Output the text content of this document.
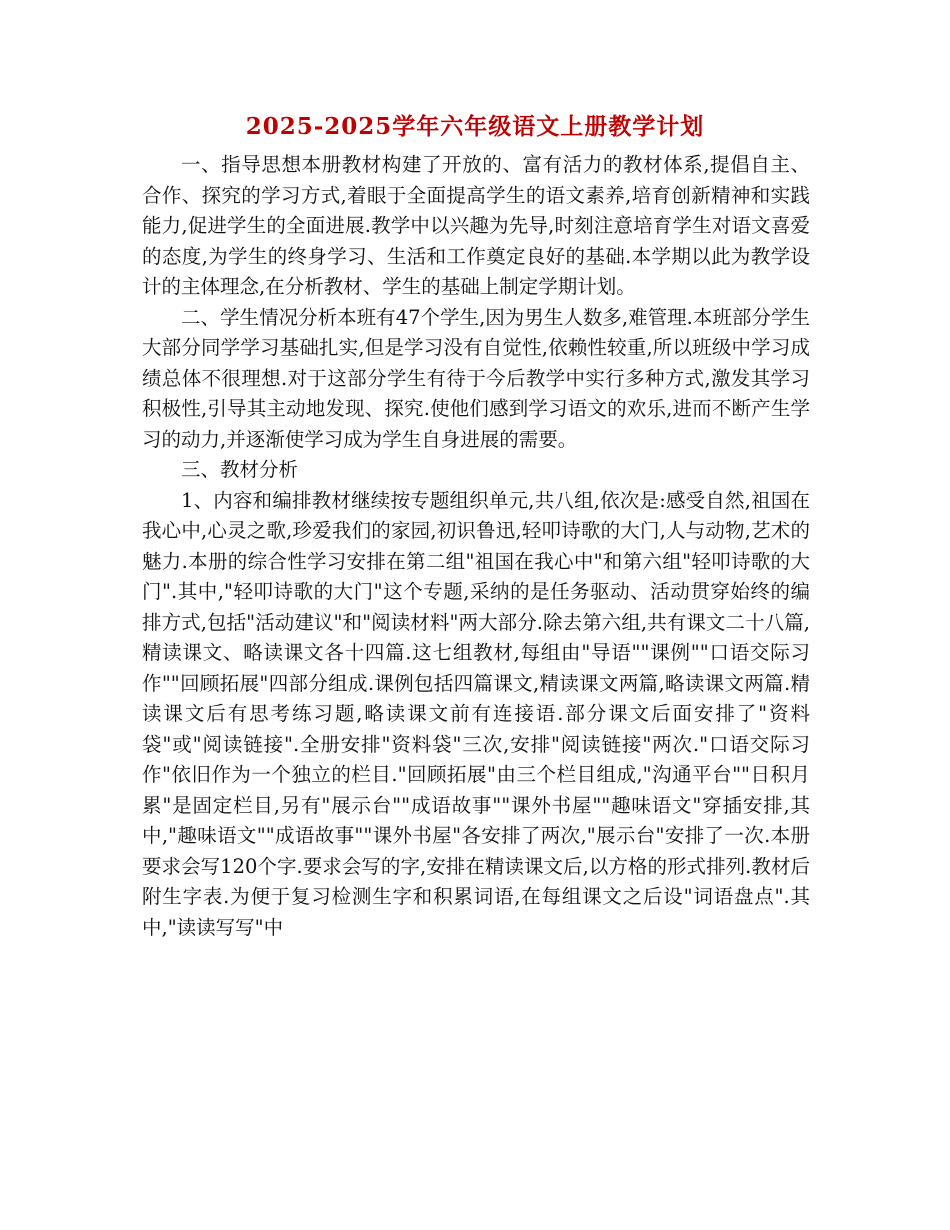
2025-2025学年六年级语文上册教学计划

一、指导思想本册教材构建了开放的、富有活力的教材体系,提倡自主、合作、探究的学习方式,着眼于全面提高学生的语文素养,培育创新精神和实践能力,促进学生的全面进展.教学中以兴趣为先导,时刻注意培育学生对语文喜爱的态度,为学生的终身学习、生活和工作奠定良好的基础.本学期以此为教学设计的主体理念,在分析教材、学生的基础上制定学期计划。

二、学生情况分析本班有47个学生,因为男生人数多,难管理.本班部分学生大部分同学学习基础扎实,但是学习没有自觉性,依赖性较重,所以班级中学习成绩总体不很理想.对于这部分学生有待于今后教学中实行多种方式,激发其学习积极性,引导其主动地发现、探究.使他们感到学习语文的欢乐,进而不断产生学习的动力,并逐渐使学习成为学生自身进展的需要。

三、教材分析

1、内容和编排教材继续按专题组织单元,共八组,依次是:感受自然,祖国在我心中,心灵之歌,珍爱我们的家园,初识鲁迅,轻叩诗歌的大门,人与动物,艺术的魅力.本册的综合性学习安排在第二组"祖国在我心中"和第六组"轻叩诗歌的大门".其中,"轻叩诗歌的大门"这个专题,采纳的是任务驱动、活动贯穿始终的编排方式,包括"活动建议"和"阅读材料"两大部分.除去第六组,共有课文二十八篇,精读课文、略读课文各十四篇.这七组教材,每组由"导语""课例""口语交际习作""回顾拓展"四部分组成.课例包括四篇课文,精读课文两篇,略读课文两篇.精读课文后有思考练习题,略读课文前有连接语.部分课文后面安排了"资料袋"或"阅读链接".全册安排"资料袋"三次,安排"阅读链接"两次."口语交际习作"依旧作为一个独立的栏目."回顾拓展"由三个栏目组成,"沟通平台""日积月累"是固定栏目,另有"展示台""成语故事""课外书屋""趣味语文"穿插安排,其中,"趣味语文""成语故事""课外书屋"各安排了两次,"展示台"安排了一次.本册要求会写120个字.要求会写的字,安排在精读课文后,以方格的形式排列.教材后附生字表.为便于复习检测生字和积累词语,在每组课文之后设"词语盘点".其中,"读读写写"中
